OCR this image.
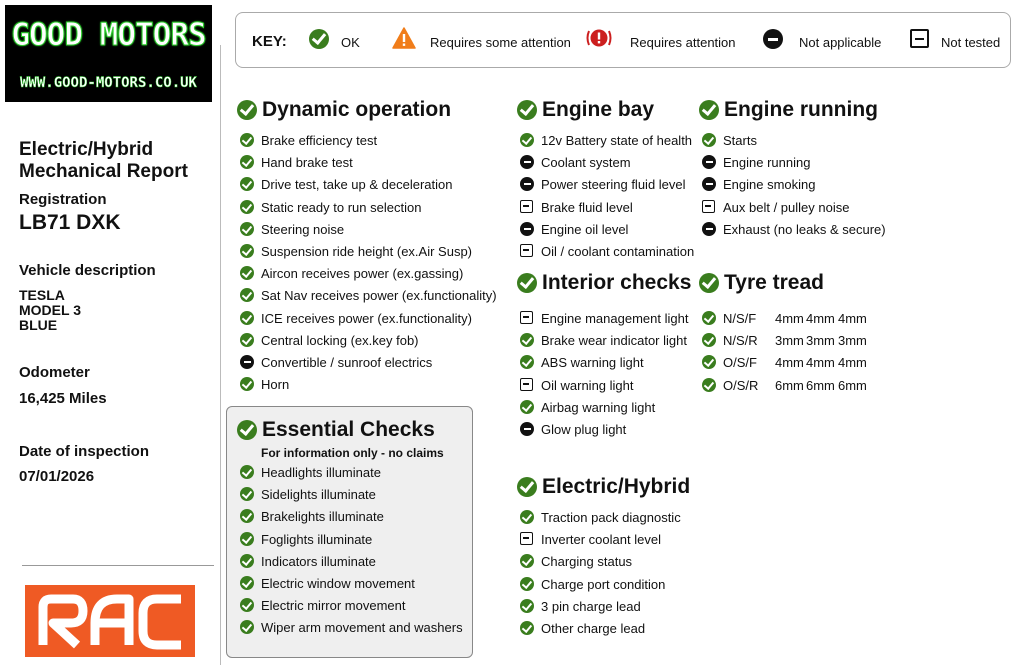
GOOD MOTORS
WWW.GOOD-MOTORS.CO.UK
Electric/Hybrid
Mechanical Report
Registration
LB71 DXK
Vehicle description
TESLA
MODEL 3
BLUE
Odometer
16,425 Miles
Date of inspection
07/01/2026
KEY:	OK	Requires some attention	Requires attention	Not applicable	Not tested
For information only - no claims
Dynamic operation
Brake efficiency test
Hand brake test
Drive test, take up & deceleration
Static ready to run selection
Steering noise
Suspension ride height (ex.Air Susp)
Aircon receives power (ex.gassing)
Sat Nav receives power (ex.functionality)
ICE receives power (ex.functionality)
Central locking (ex.key fob)
Convertible / sunroof electrics
Horn
Essential Checks
Headlights illuminate
Sidelights illuminate
Brakelights illuminate
Foglights illuminate
Indicators illuminate
Electric window movement
Electric mirror movement
Wiper arm movement and washers
Engine bay
12v Battery state of health
Coolant system
Power steering fluid level
Brake fluid level
Engine oil level
Oil / coolant contamination
Interior checks
Engine management light
Brake wear indicator light
ABS warning light
Oil warning light
Airbag warning light
Glow plug light
Electric/Hybrid
Traction pack diagnostic
Inverter coolant level
Charging status
Charge port condition
3 pin charge lead
Other charge lead
Engine running
Starts
Engine running
Engine smoking
Aux belt / pulley noise
Exhaust (no leaks & secure)
Tyre tread
N/S/F 4mm 4mm 4mm
N/S/R 3mm 3mm 3mm
O/S/F 4mm 4mm 4mm
O/S/R 6mm 6mm 6mm
